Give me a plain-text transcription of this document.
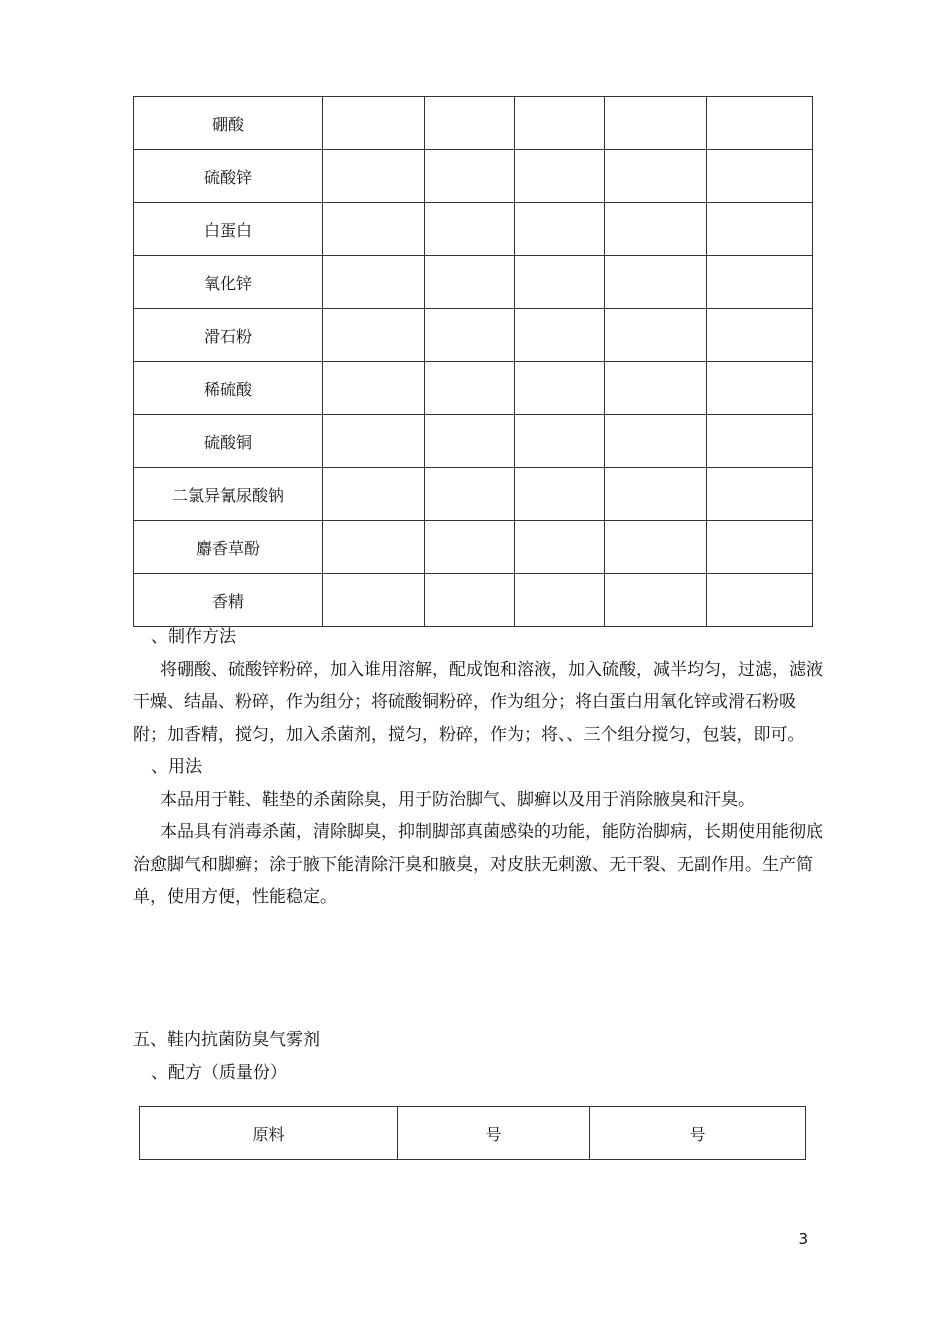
硼酸					
硫酸锌					
白蛋白					
氧化锌					
滑石粉					
稀硫酸					
硫酸铜					
二氯异氰尿酸钠					
麝香草酚					
香精					

、制作方法

将硼酸、硫酸锌粉碎，加入谁用溶解，配成饱和溶液，加入硫酸，减半均匀，过滤，滤液干燥、结晶、粉碎，作为组分；将硫酸铜粉碎，作为组分；将白蛋白用氧化锌或滑石粉吸附；加香精，搅匀，加入杀菌剂，搅匀，粉碎，作为；将、、三个组分搅匀，包装，即可。

、用法

本品用于鞋、鞋垫的杀菌除臭，用于防治脚气、脚癣以及用于消除腋臭和汗臭。

本品具有消毒杀菌，清除脚臭，抑制脚部真菌感染的功能，能防治脚病，长期使用能彻底治愈脚气和脚癣；涂于腋下能清除汗臭和腋臭，对皮肤无刺激、无干裂、无副作用。生产简单，使用方便，性能稳定。

五、鞋内抗菌防臭气雾剂

、配方（质量份）

原料	号	号
3
